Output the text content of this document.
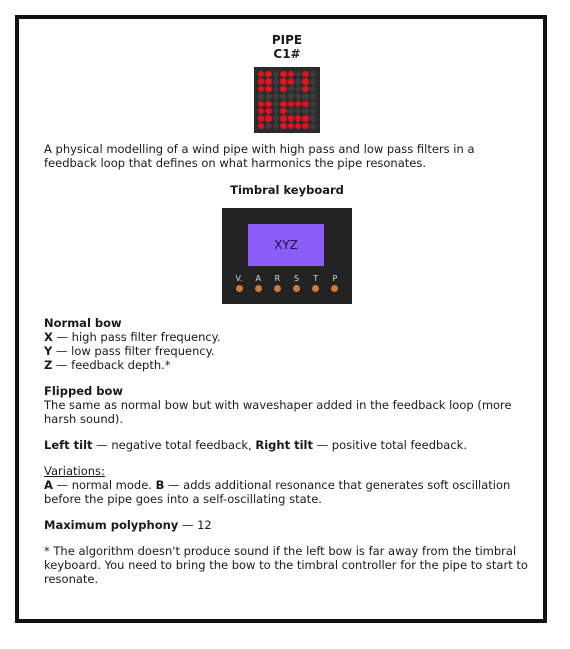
PIPE
C1#

A physical modelling of a wind pipe with high pass and low pass filters in a feedback loop that defines on what harmonics the pipe resonates.

Timbral keyboard
XYZ
V. A R	S	T	P

Normal bow

X — high pass filter frequency.

Y — low pass filter frequency.

Z — feedback depth.*

Flipped bow

The same as normal bow but with waveshaper added in the feedback loop (more harsh sound).

Left tilt — negative total feedback, Right tilt — positive total feedback.

Variations:

A — normal mode. B — adds additional resonance that generates soft oscillation before the pipe goes into a self-oscillating state.

Maximum polyphony — 12

* The algorithm doesn't produce sound if the left bow is far away from the timbral keyboard. You need to bring the bow to the timbral controller for the pipe to start to resonate.
